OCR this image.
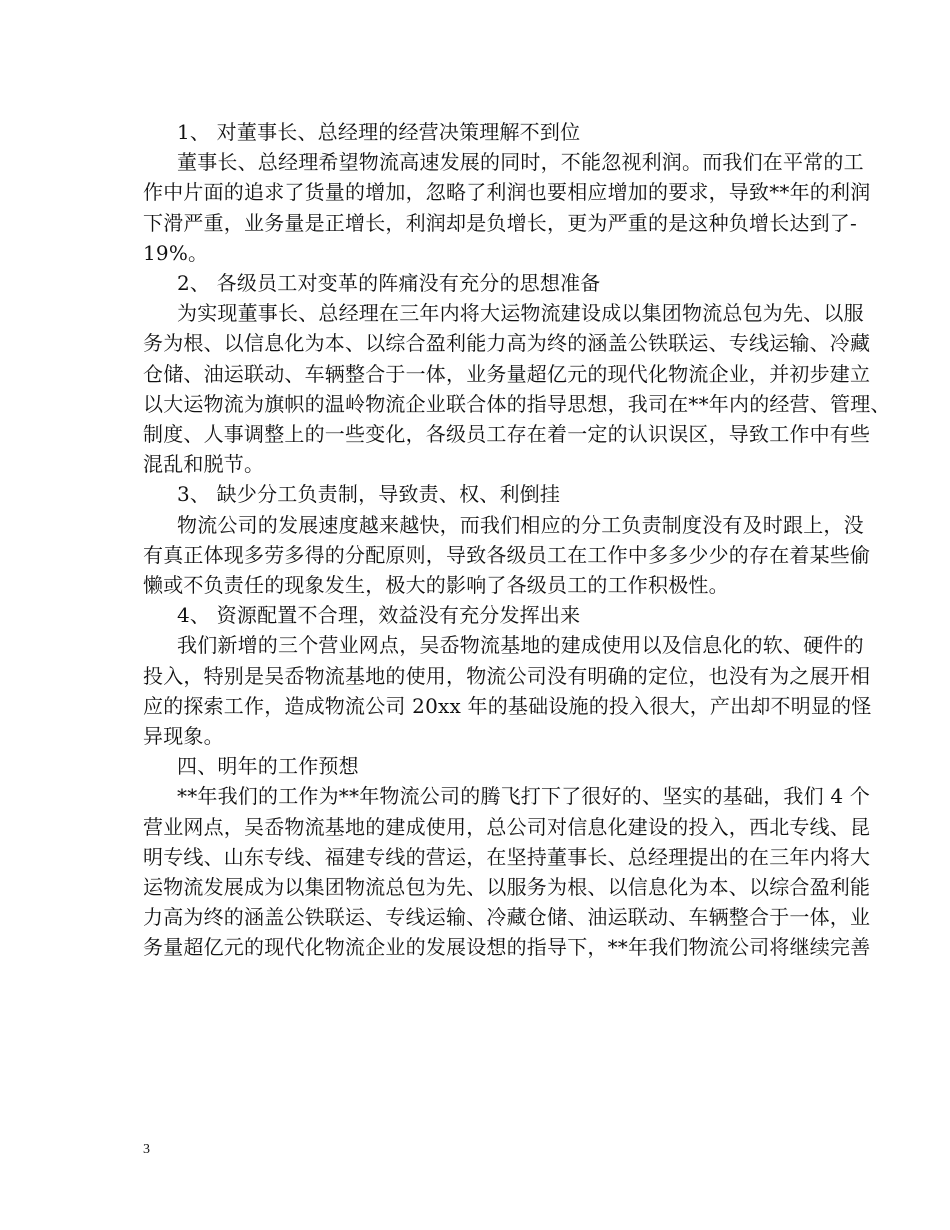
1、 对董事长、总经理的经营决策理解不到位
董事长、总经理希望物流高速发展的同时，不能忽视利润。而我们在平常的工
作中片面的追求了货量的增加，忽略了利润也要相应增加的要求，导致**年的利润
下滑严重，业务量是正增长，利润却是负增长，更为严重的是这种负增长达到了-
19%。
2、 各级员工对变革的阵痛没有充分的思想准备
为实现董事长、总经理在三年内将大运物流建设成以集团物流总包为先、以服
务为根、以信息化为本、以综合盈利能力高为终的涵盖公铁联运、专线运输、冷藏
仓储、油运联动、车辆整合于一体，业务量超亿元的现代化物流企业，并初步建立
以大运物流为旗帜的温岭物流企业联合体的指导思想，我司在**年内的经营、管理、
制度、人事调整上的一些变化，各级员工存在着一定的认识误区，导致工作中有些
混乱和脱节。
3、 缺少分工负责制，导致责、权、利倒挂
物流公司的发展速度越来越快，而我们相应的分工负责制度没有及时跟上，没
有真正体现多劳多得的分配原则，导致各级员工在工作中多多少少的存在着某些偷
懒或不负责任的现象发生，极大的影响了各级员工的工作积极性。
4、 资源配置不合理，效益没有充分发挥出来
我们新增的三个营业网点，吴岙物流基地的建成使用以及信息化的软、硬件的
投入，特别是吴岙物流基地的使用，物流公司没有明确的定位，也没有为之展开相
应的探索工作，造成物流公司 20xx 年的基础设施的投入很大，产出却不明显的怪
异现象。
四、明年的工作预想
**年我们的工作为**年物流公司的腾飞打下了很好的、坚实的基础，我们 4 个
营业网点，吴岙物流基地的建成使用，总公司对信息化建设的投入，西北专线、昆
明专线、山东专线、福建专线的营运，在坚持董事长、总经理提出的在三年内将大
运物流发展成为以集团物流总包为先、以服务为根、以信息化为本、以综合盈利能
力高为终的涵盖公铁联运、专线运输、冷藏仓储、油运联动、车辆整合于一体，业
务量超亿元的现代化物流企业的发展设想的指导下，**年我们物流公司将继续完善
3
